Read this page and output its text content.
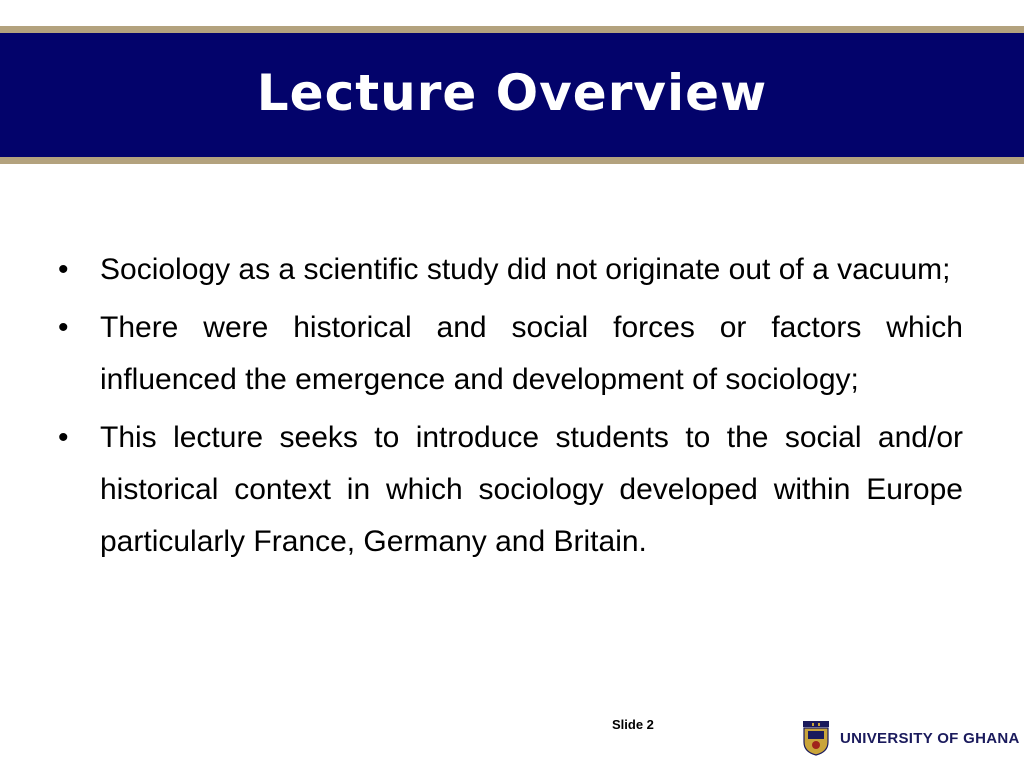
Lecture Overview
•	Sociology as a scientific study did not originate out of a vacuum;
•	There were historical and social forces or factors which influenced the emergence and development of sociology;
•	This lecture seeks to introduce students to the social and/or historical context in which sociology developed within Europe particularly France, Germany and Britain.
Slide 2
UNIVERSITY OF GHANA
